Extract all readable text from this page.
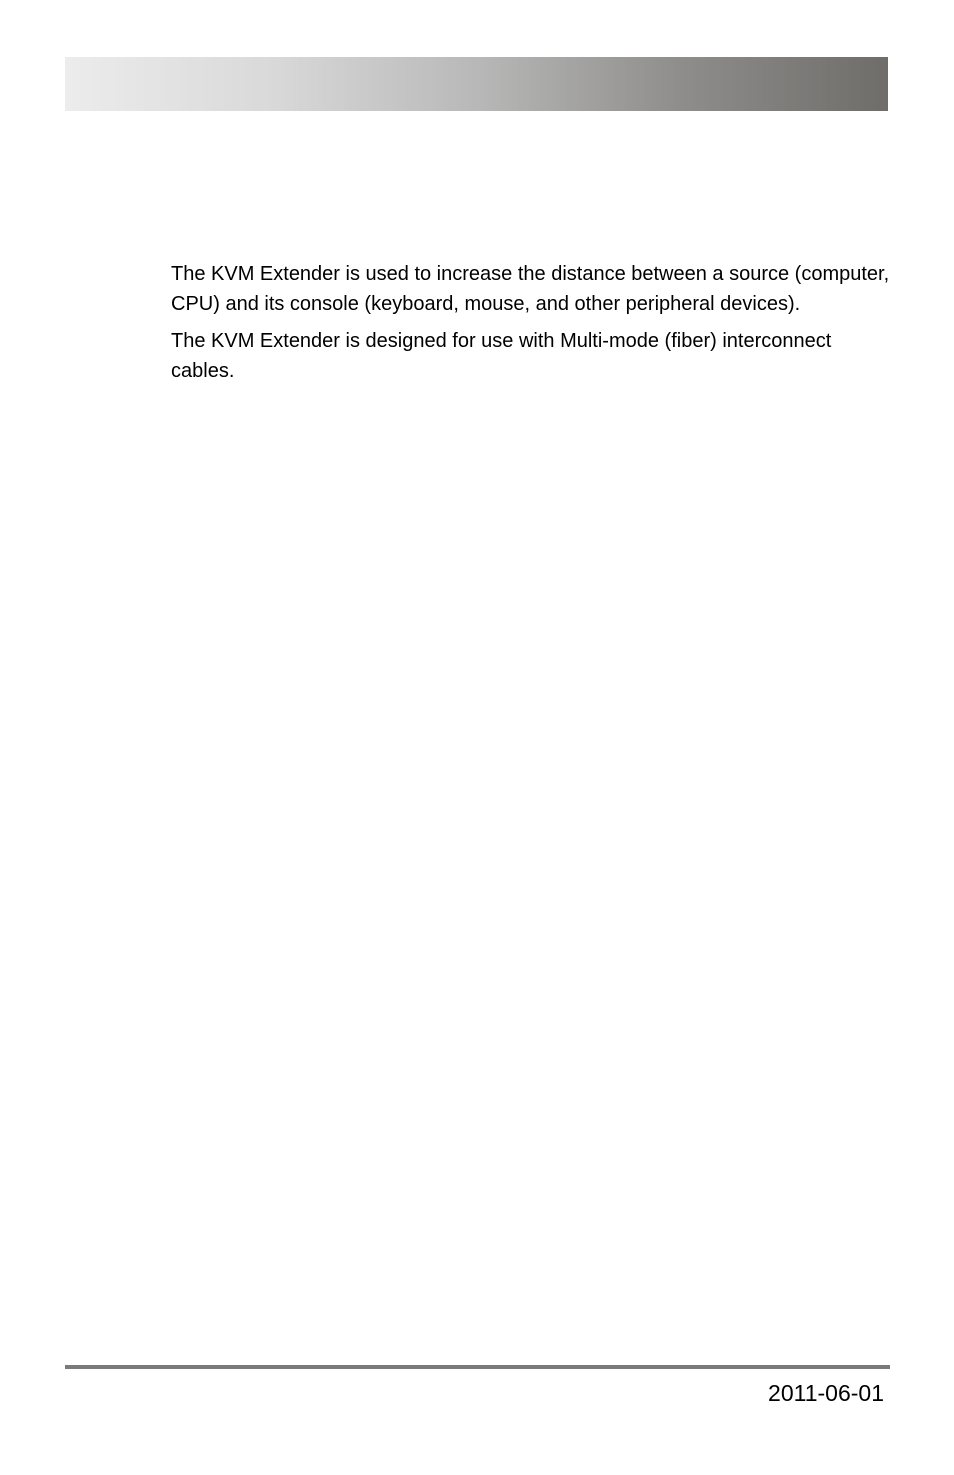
The KVM Extender is used to increase the distance between a source (computer, CPU) and its console (keyboard, mouse, and other peripheral devices).

The KVM Extender is designed for use with Multi-mode (fiber) interconnect cables.

2011-06-01
